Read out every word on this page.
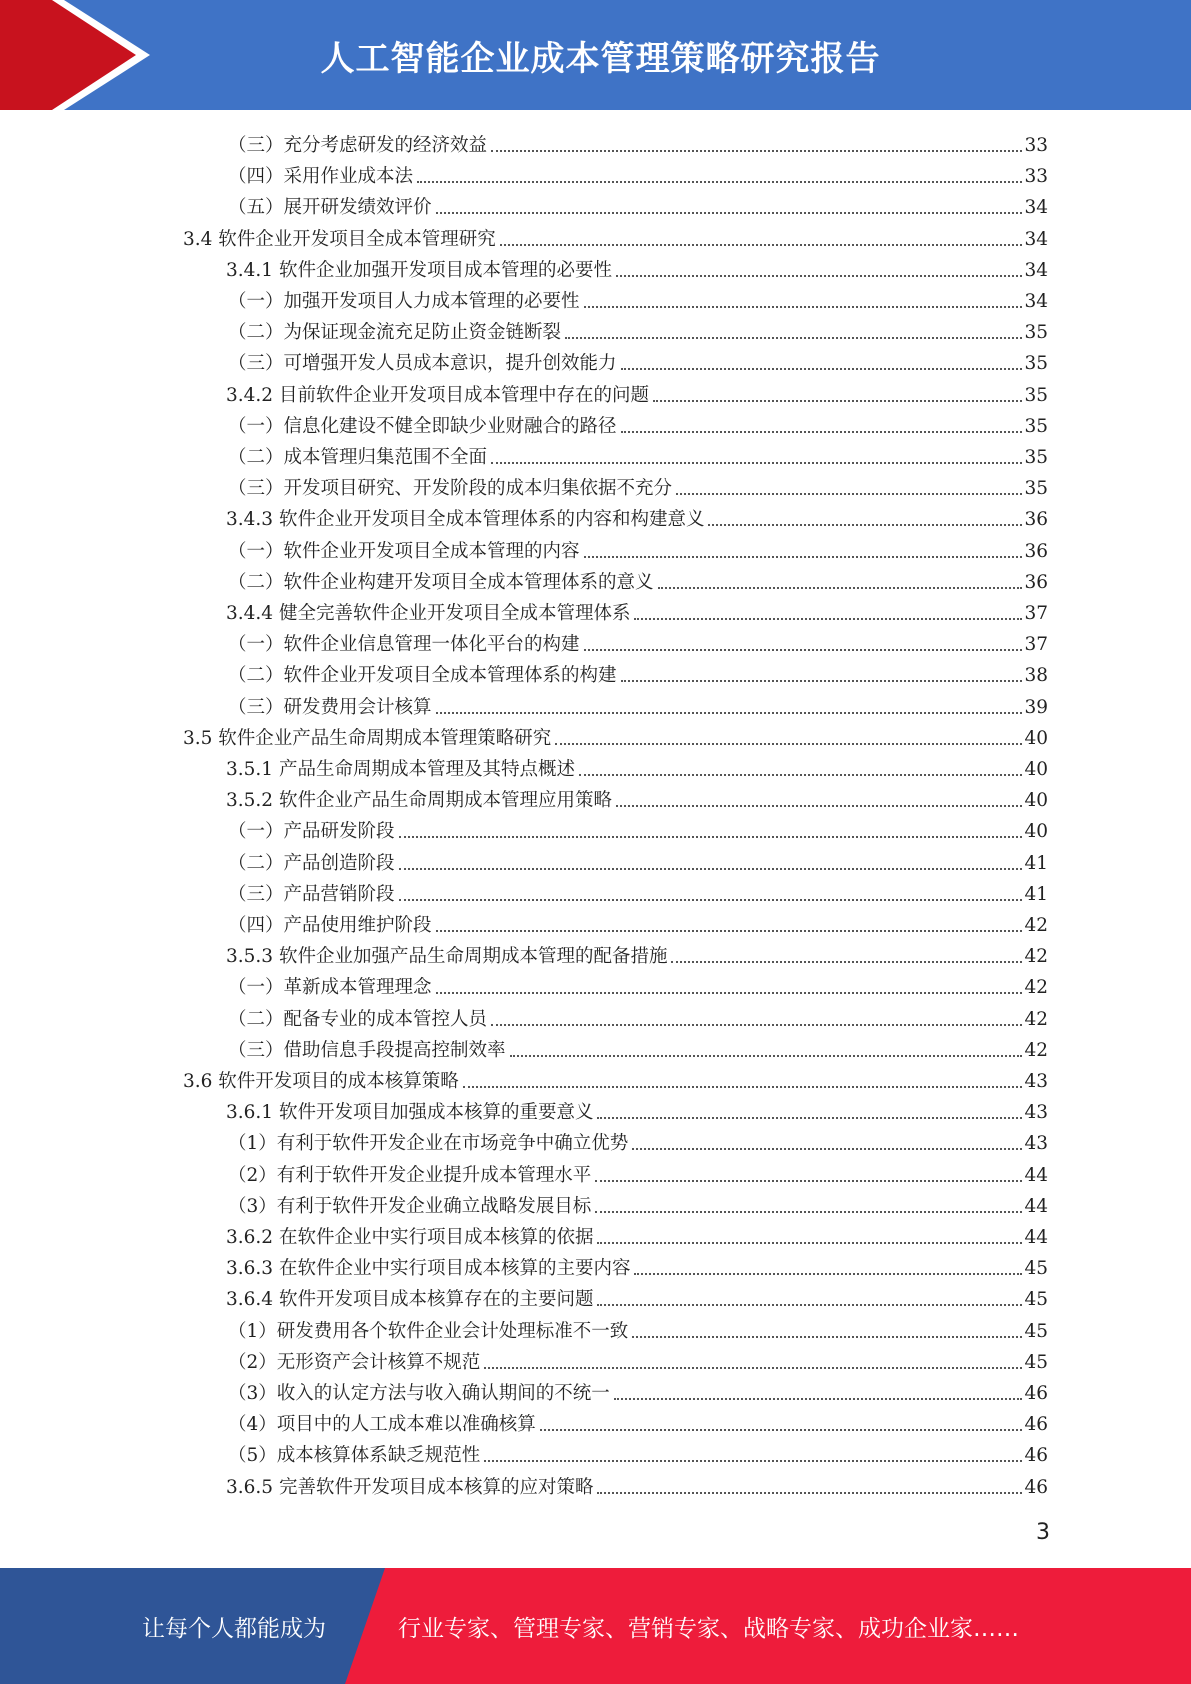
人工智能企业成本管理策略研究报告
（三）充分考虑研发的经济效益	33
（四）采用作业成本法	33
（五）展开研发绩效评价	34
3.4 软件企业开发项目全成本管理研究	34
3.4.1 软件企业加强开发项目成本管理的必要性	34
（一）加强开发项目人力成本管理的必要性	34
（二）为保证现金流充足防止资金链断裂	35
（三）可增强开发人员成本意识，提升创效能力	35
3.4.2 目前软件企业开发项目成本管理中存在的问题	35
（一）信息化建设不健全即缺少业财融合的路径	35
（二）成本管理归集范围不全面	35
（三）开发项目研究、开发阶段的成本归集依据不充分	35
3.4.3 软件企业开发项目全成本管理体系的内容和构建意义	36
（一）软件企业开发项目全成本管理的内容	36
（二）软件企业构建开发项目全成本管理体系的意义	36
3.4.4 健全完善软件企业开发项目全成本管理体系	37
（一）软件企业信息管理一体化平台的构建	37
（二）软件企业开发项目全成本管理体系的构建	38
（三）研发费用会计核算	39
3.5 软件企业产品生命周期成本管理策略研究	40
3.5.1 产品生命周期成本管理及其特点概述	40
3.5.2 软件企业产品生命周期成本管理应用策略	40
（一）产品研发阶段	40
（二）产品创造阶段	41
（三）产品营销阶段	41
（四）产品使用维护阶段	42
3.5.3 软件企业加强产品生命周期成本管理的配备措施	42
（一）革新成本管理理念	42
（二）配备专业的成本管控人员	42
（三）借助信息手段提高控制效率	42
3.6 软件开发项目的成本核算策略	43
3.6.1 软件开发项目加强成本核算的重要意义	43
（1）有利于软件开发企业在市场竞争中确立优势	43
（2）有利于软件开发企业提升成本管理水平	44
（3）有利于软件开发企业确立战略发展目标	44
3.6.2 在软件企业中实行项目成本核算的依据	44
3.6.3 在软件企业中实行项目成本核算的主要内容	45
3.6.4 软件开发项目成本核算存在的主要问题	45
（1）研发费用各个软件企业会计处理标准不一致	45
（2）无形资产会计核算不规范	45
（3）收入的认定方法与收入确认期间的不统一	46
（4）项目中的人工成本难以准确核算	46
（5）成本核算体系缺乏规范性	46
3.6.5 完善软件开发项目成本核算的应对策略	46
3
让每个人都能成为	行业专家、管理专家、营销专家、战略专家、成功企业家……
